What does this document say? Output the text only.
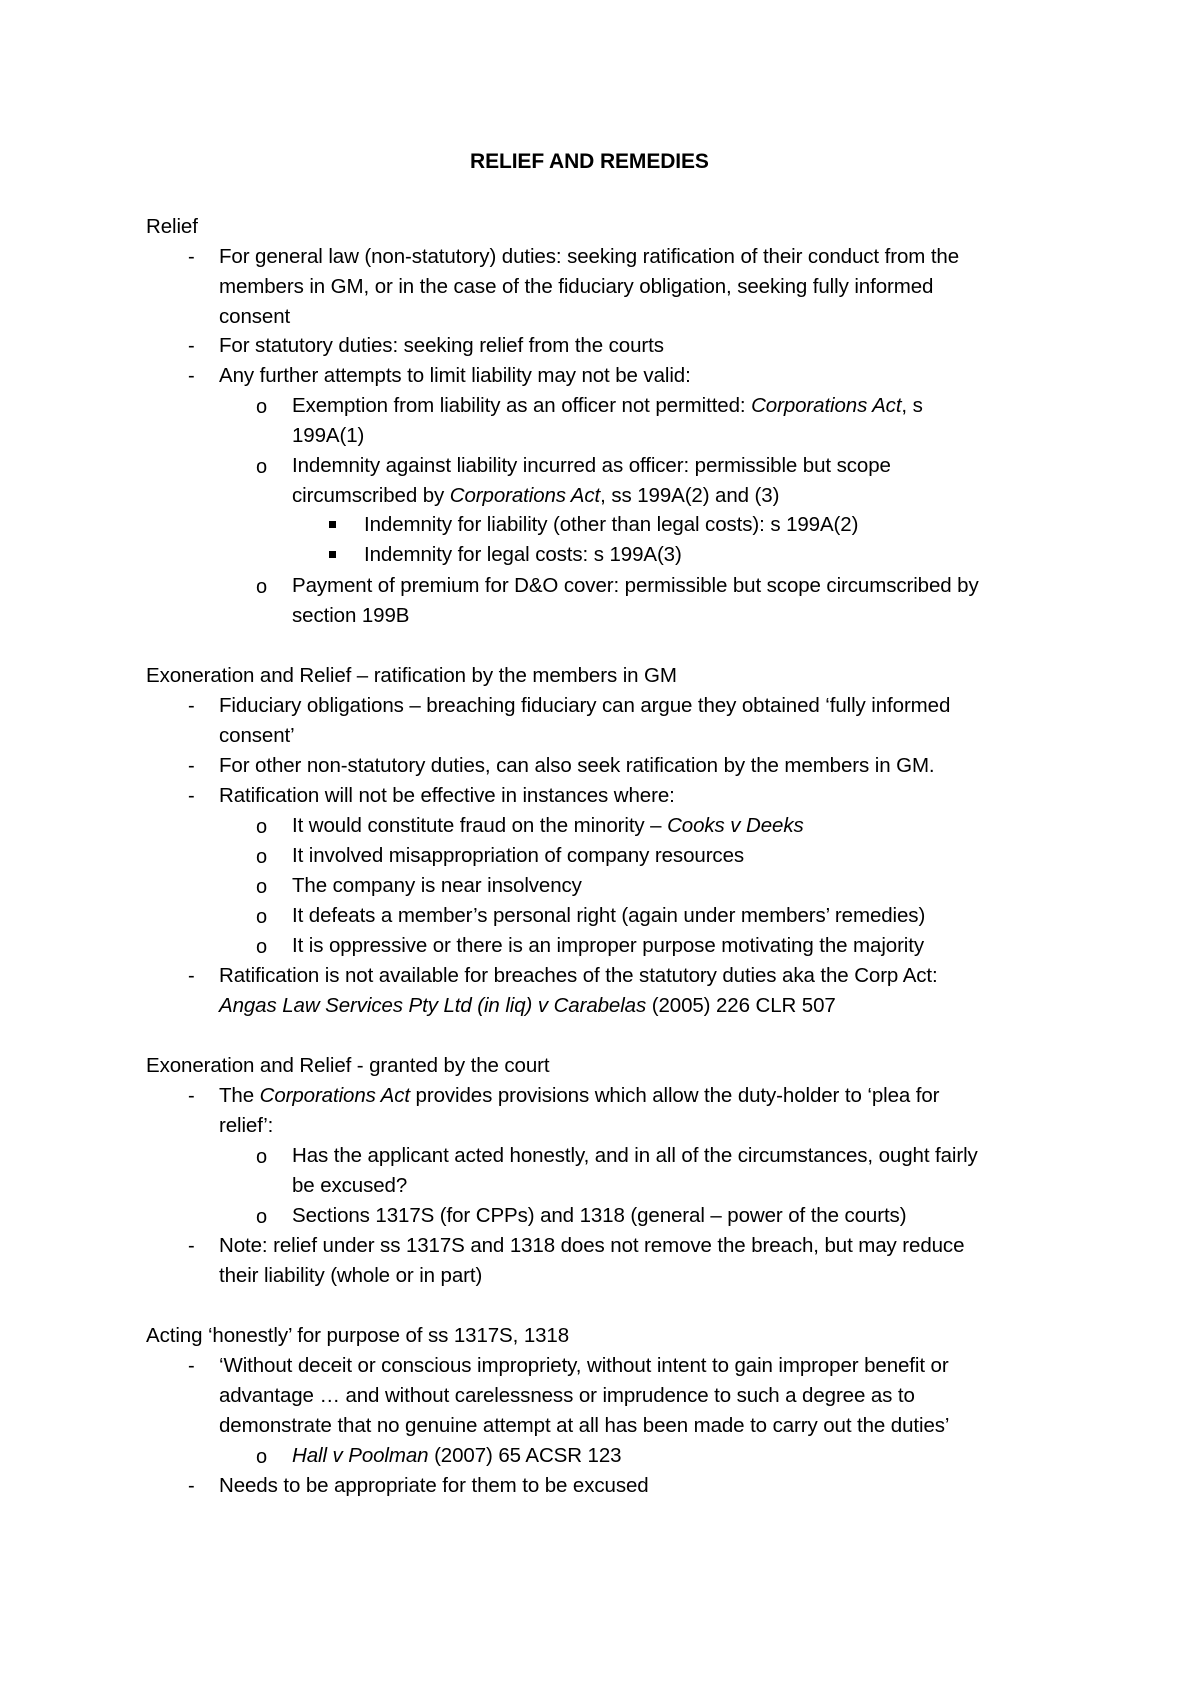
RELIEF AND REMEDIES
Relief
- For general law (non-statutory) duties: seeking ratification of their conduct from the
members in GM, or in the case of the fiduciary obligation, seeking fully informed
consent
- For statutory duties: seeking relief from the courts
- Any further attempts to limit liability may not be valid:
o Exemption from liability as an officer not permitted: Corporations Act, s
199A(1)
o Indemnity against liability incurred as officer: permissible but scope
circumscribed by Corporations Act, ss 199A(2) and (3)
Indemnity for liability (other than legal costs): s 199A(2)
Indemnity for legal costs: s 199A(3)
o Payment of premium for D&O cover: permissible but scope circumscribed by
section 199B
Exoneration and Relief – ratification by the members in GM
- Fiduciary obligations – breaching fiduciary can argue they obtained ‘fully informed
consent’
- For other non-statutory duties, can also seek ratification by the members in GM.
- Ratification will not be effective in instances where:
o It would constitute fraud on the minority – Cooks v Deeks
o It involved misappropriation of company resources
o The company is near insolvency
o It defeats a member’s personal right (again under members’ remedies)
o It is oppressive or there is an improper purpose motivating the majority
- Ratification is not available for breaches of the statutory duties aka the Corp Act:
Angas Law Services Pty Ltd (in liq) v Carabelas (2005) 226 CLR 507
Exoneration and Relief - granted by the court
- The Corporations Act provides provisions which allow the duty-holder to ‘plea for
relief’:
o Has the applicant acted honestly, and in all of the circumstances, ought fairly
be excused?
o Sections 1317S (for CPPs) and 1318 (general – power of the courts)
- Note: relief under ss 1317S and 1318 does not remove the breach, but may reduce
their liability (whole or in part)
Acting ‘honestly’ for purpose of ss 1317S, 1318
- ‘Without deceit or conscious impropriety, without intent to gain improper benefit or
advantage … and without carelessness or imprudence to such a degree as to
demonstrate that no genuine attempt at all has been made to carry out the duties’
o Hall v Poolman (2007) 65 ACSR 123
- Needs to be appropriate for them to be excused
